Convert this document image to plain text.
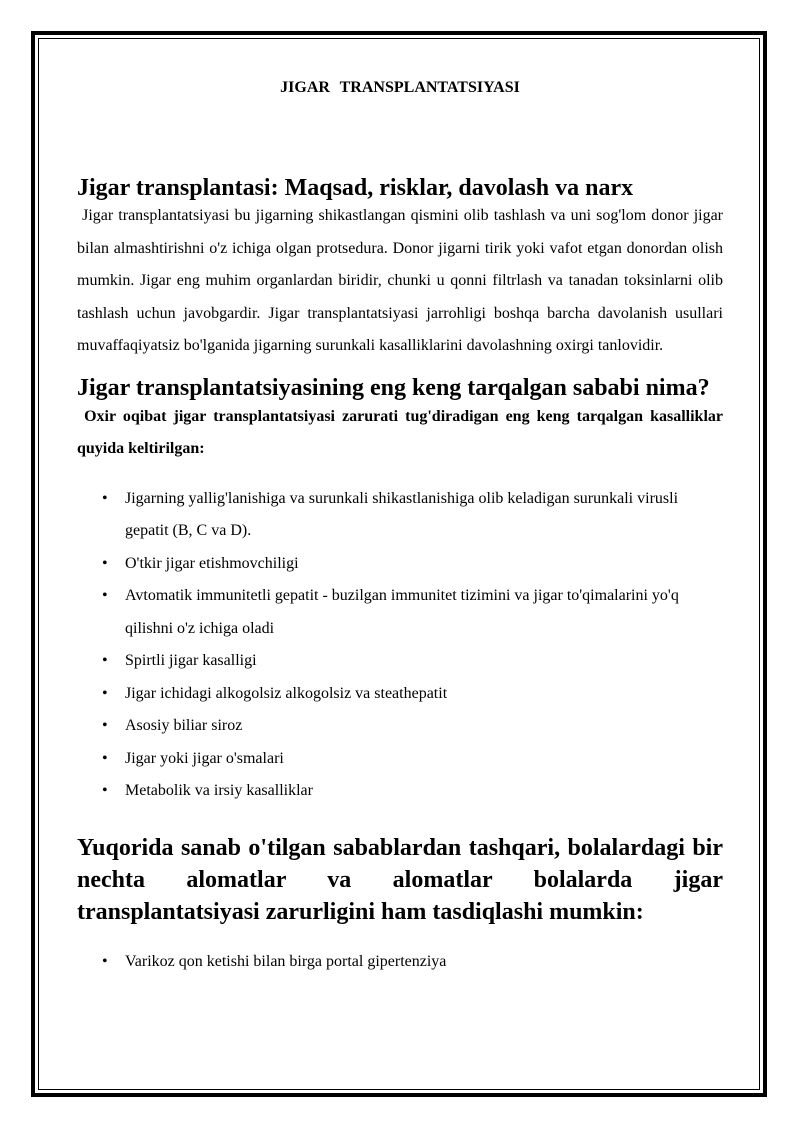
JIGAR TRANSPLANTATSIYASI
Jigar transplantasi: Maqsad, risklar, davolash va narx

Jigar transplantatsiyasi bu jigarning shikastlangan qismini olib tashlash va uni sog'lom donor jigar bilan almashtirishni o'z ichiga olgan protsedura. Donor jigarni tirik yoki vafot etgan donordan olish mumkin. Jigar eng muhim organlardan biridir, chunki u qonni filtrlash va tanadan toksinlarni olib tashlash uchun javobgardir. Jigar transplantatsiyasi jarrohligi boshqa barcha davolanish usullari muvaffaqiyatsiz bo'lganida jigarning surunkali kasalliklarini davolashning oxirgi tanlovidir.

Jigar transplantatsiyasining eng keng tarqalgan sababi nima?

Oxir oqibat jigar transplantatsiyasi zarurati tug'diradigan eng keng tarqalgan kasalliklar quyida keltirilgan:

• Jigarning yallig'lanishiga va surunkali shikastlanishiga olib keladigan surunkali virusli gepatit (B, C va D).
• O'tkir jigar etishmovchiligi
• Avtomatik immunitetli gepatit - buzilgan immunitet tizimini va jigar to'qimalarini yo'q qilishni o'z ichiga oladi
• Spirtli jigar kasalligi
• Jigar ichidagi alkogolsiz alkogolsiz va steathepatit
• Asosiy biliar siroz
• Jigar yoki jigar o'smalari
• Metabolik va irsiy kasalliklar
Yuqorida sanab o'tilgan sabablardan tashqari, bolalardagi bir nechta alomatlar va alomatlar bolalarda jigar transplantatsiyasi zarurligini ham tasdiqlashi mumkin:
• Varikoz qon ketishi bilan birga portal gipertenziya
